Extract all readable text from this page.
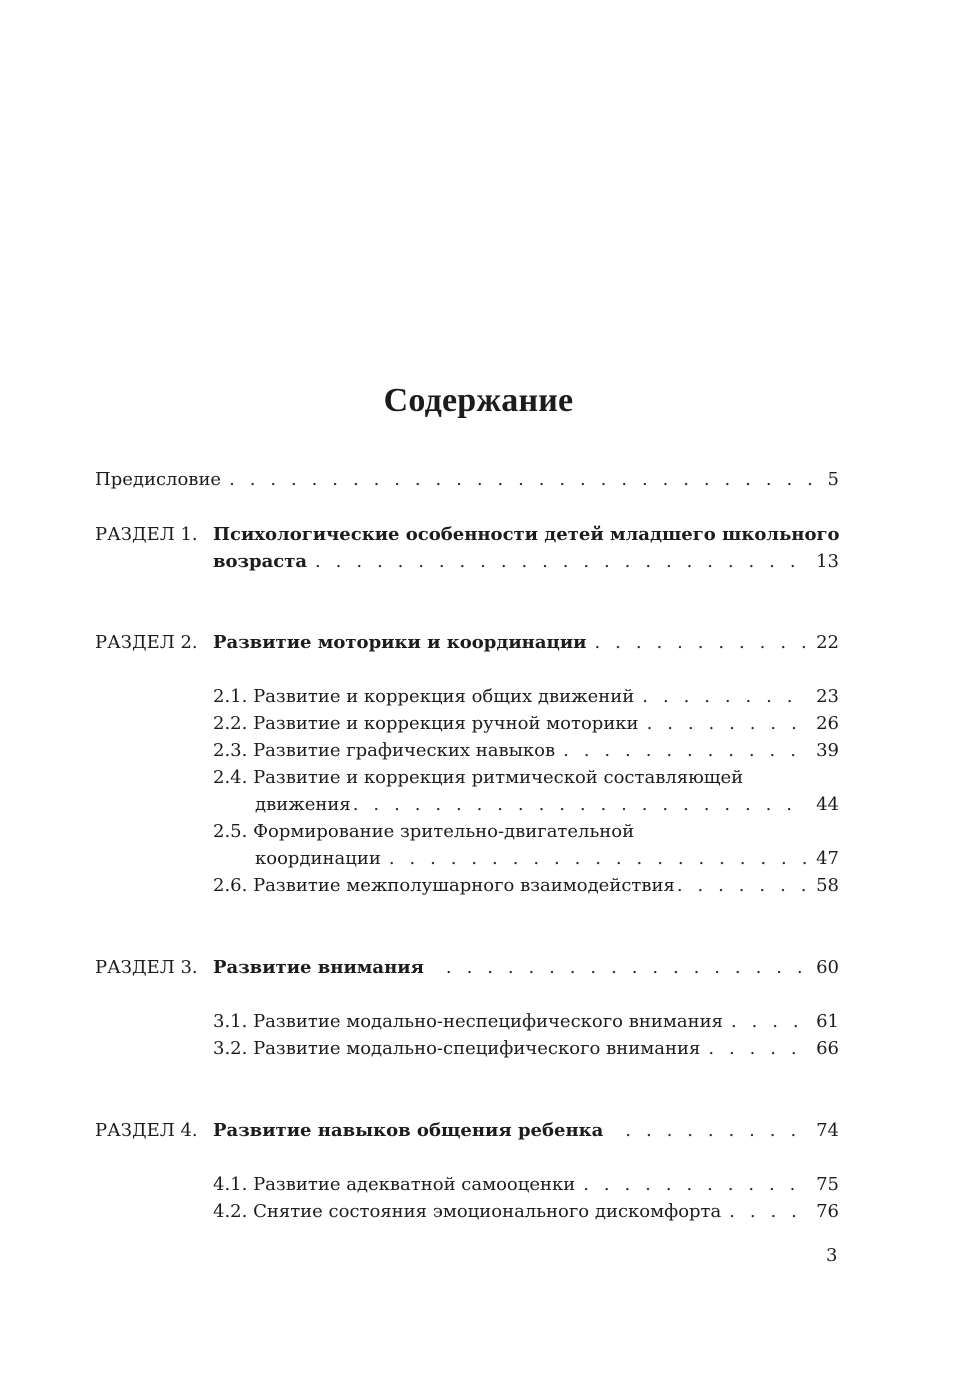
Содержание
Предисловие . . .	5
РАЗДЕЛ 1. Психологические особенности детей младшего школьного
возраста . . .	13
РАЗДЕЛ 2. Развитие моторики и координации . . .	22
2.1. Развитие и коррекция общих движений . . .	23
2.2. Развитие и коррекция ручной моторики . . .	26
2.3. Развитие графических навыков . . .	39
2.4. Развитие и коррекция ритмической составляющей
движения . . .	44
2.5. Формирование зрительно-двигательной
координации . . .	47
2.6. Развитие межполушарного взаимодействия . . .	58
РАЗДЕЛ 3. Развитие внимания . . .	60
3.1. Развитие модально-неспецифического внимания . . .	61
3.2. Развитие модально-специфического внимания . . .	66
РАЗДЕЛ 4. Развитие навыков общения ребенка . . .	74
4.1. Развитие адекватной самооценки . . .	75
4.2. Снятие состояния эмоционального дискомфорта . . .	76
3
